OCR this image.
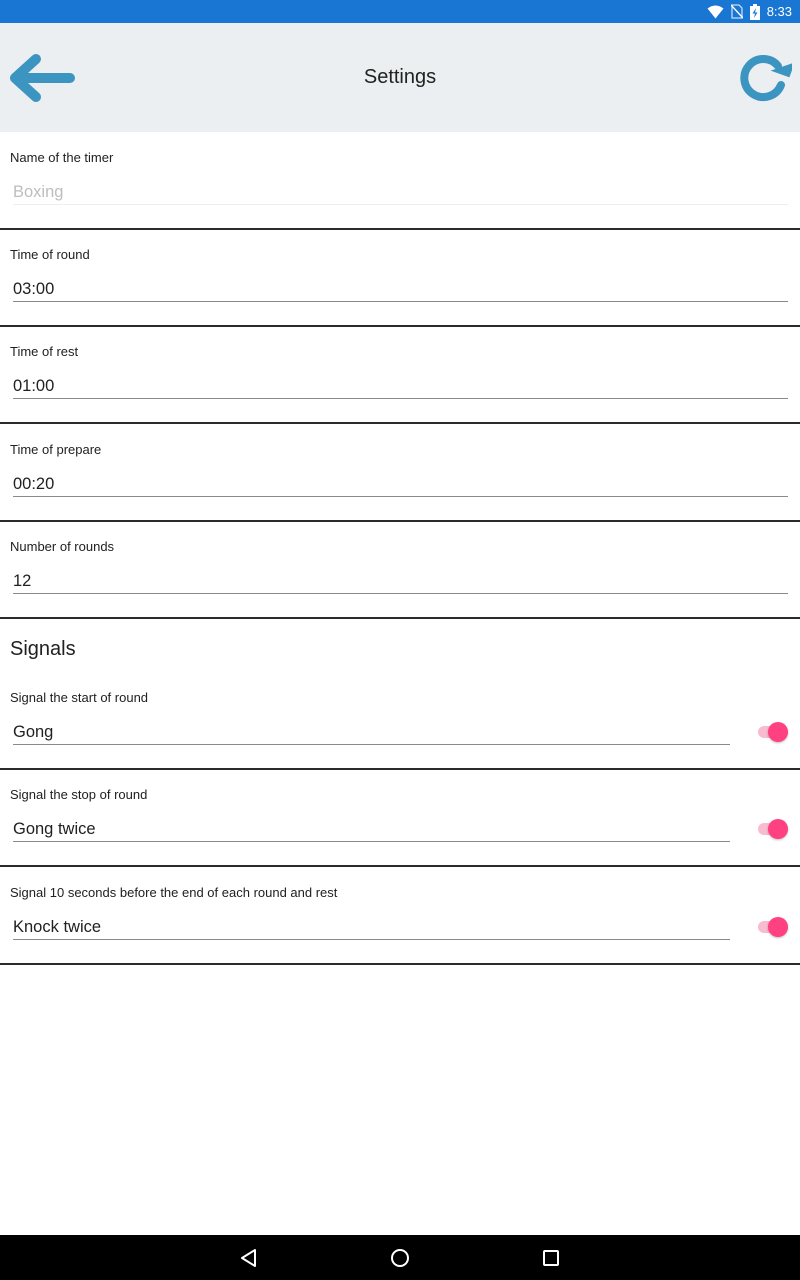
8:33
Settings
Name of the timer
Boxing
Time of round
03:00
Time of rest
01:00
Time of prepare
00:20
Number of rounds
12
Signals
Signal the start of round
Gong
Signal the stop of round
Gong twice
Signal 10 seconds before the end of each round and rest
Knock twice
